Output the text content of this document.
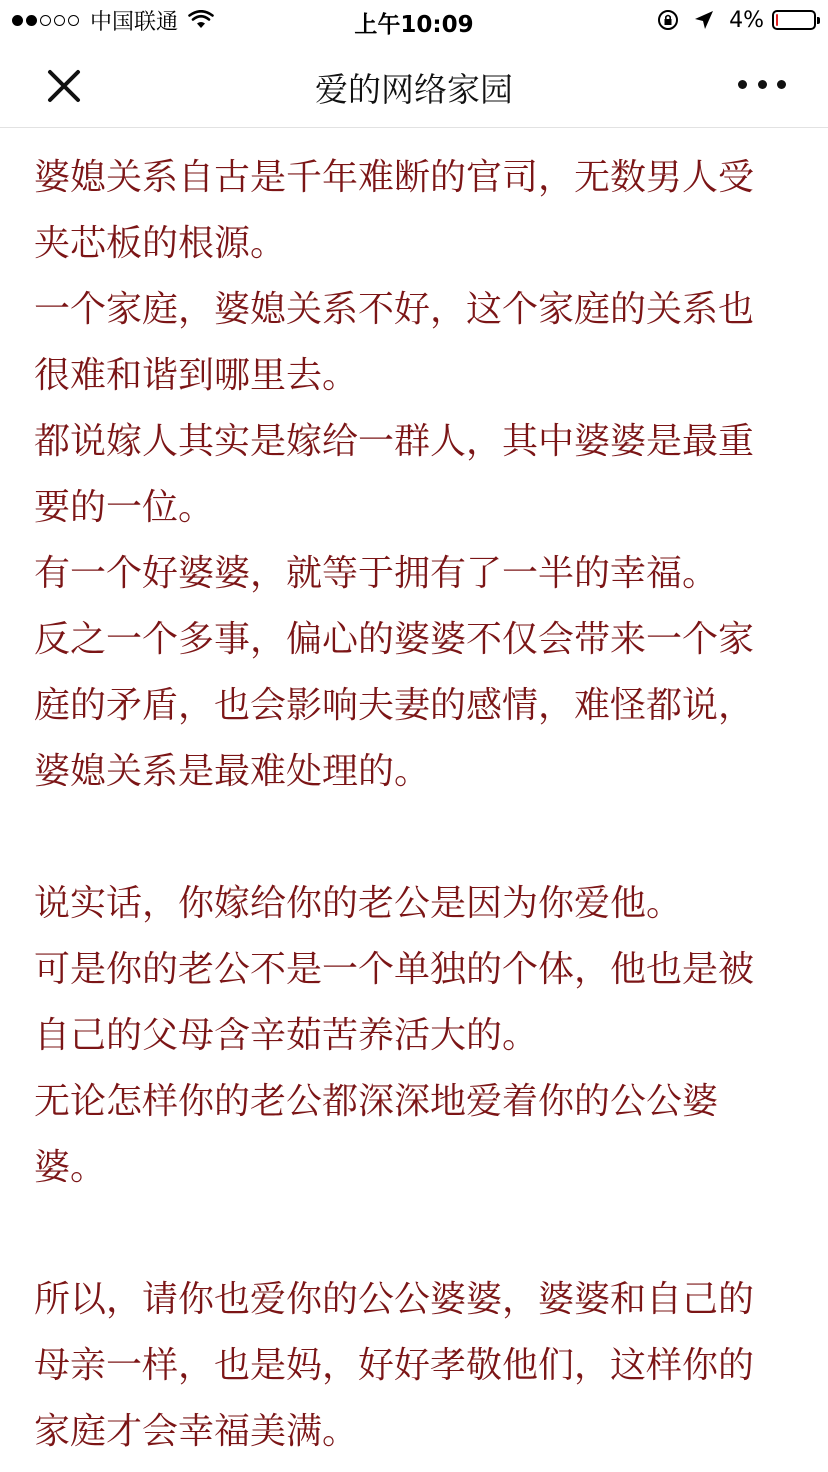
中国联通	上午10:09	4%
爱的网络家园

婆媳关系自古是千年难断的官司，无数男人受

夹芯板的根源。

一个家庭，婆媳关系不好，这个家庭的关系也

很难和谐到哪里去。

都说嫁人其实是嫁给一群人，其中婆婆是最重

要的一位。

有一个好婆婆，就等于拥有了一半的幸福。

反之一个多事，偏心的婆婆不仅会带来一个家

庭的矛盾，也会影响夫妻的感情，难怪都说，

婆媳关系是最难处理的。

说实话，你嫁给你的老公是因为你爱他。

可是你的老公不是一个单独的个体，他也是被

自己的父母含辛茹苦养活大的。

无论怎样你的老公都深深地爱着你的公公婆

婆。

所以，请你也爱你的公公婆婆，婆婆和自己的

母亲一样，也是妈，好好孝敬他们，这样你的

家庭才会幸福美满。
